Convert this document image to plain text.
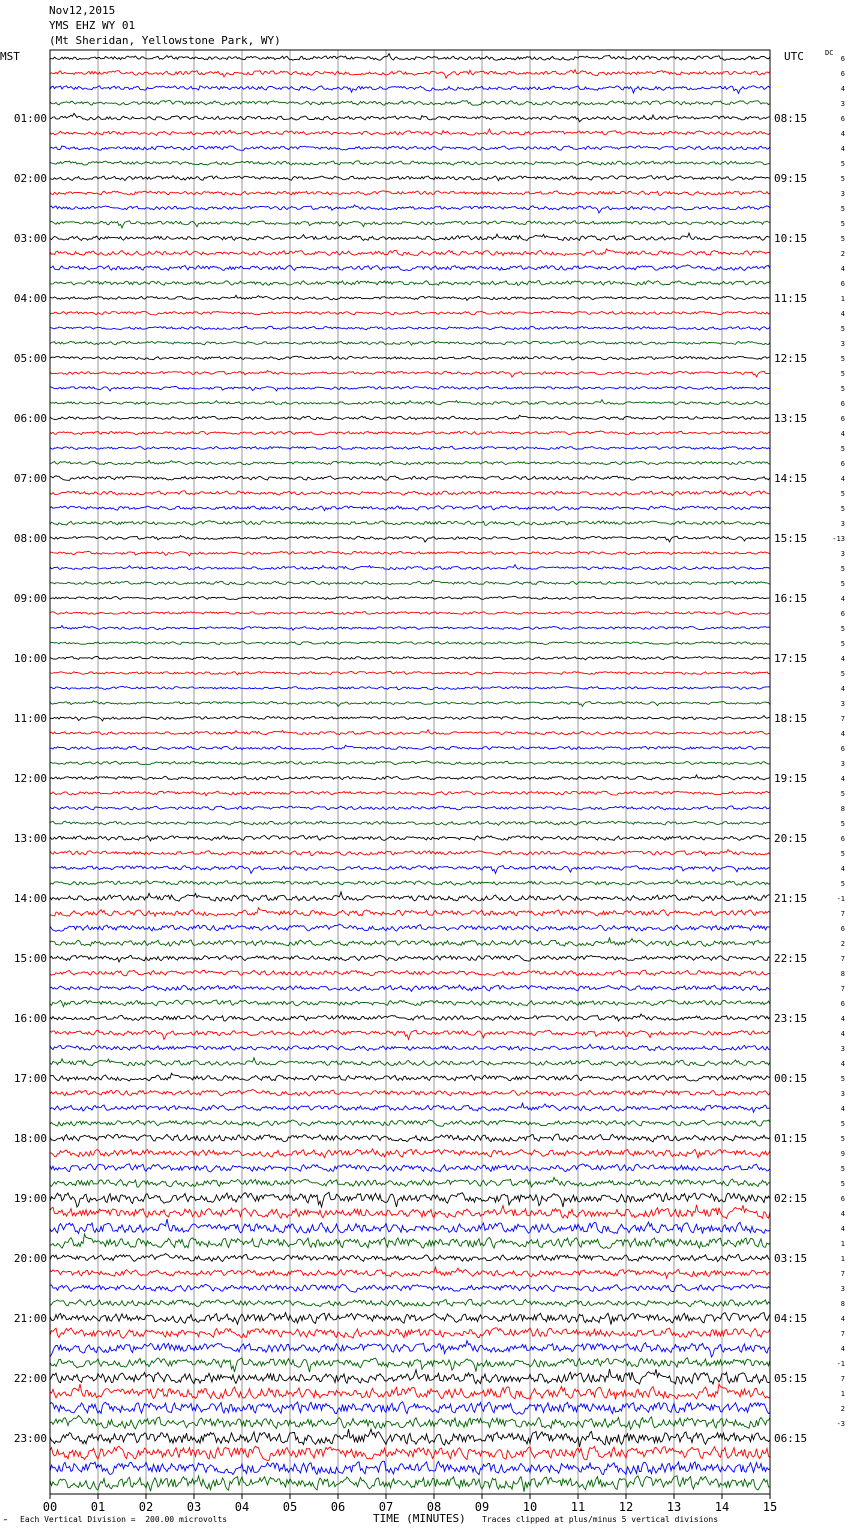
Nov12,2015
YMS EHZ WY 01
(Mt Sheridan, Yellowstone Park, WY)
MST	UTC	DC
00	01	02	03	04	05	06	07	08	09	10	11	12	13	14	15
01:00
02:00
03:00
04:00
05:00
06:00
07:00
08:00
09:00
10:00
11:00
12:00
13:00
14:00
15:00
16:00
17:00
18:00
19:00
20:00
21:00
22:00
23:00
08:15
09:15
10:15
11:15
12:15
13:15
14:15
15:15
16:15
17:15
18:15
19:15
20:15
21:15
22:15
23:15
00:15
01:15
02:15
03:15
04:15
05:15
06:15
6
6
4
3
6
4
4
5
5
3
5
5
5
2
4
6
1
4
5
3
5
5
5
6
6
4
5
6
4
5
5
3
-13
3
5
5
4
6
5
5
4
5
4
3
7
4
6
3
4
5
8
5
6
5
4
5
-1
7
6
2
7
8
7
6
4
4
3
4
5
3
4
5
5
9
5
5
6
4
4
1
1
7
3
8
4
7
4
-1
7
1
2
-3
‴ Each Vertical Division =  200.00 microvolts	TIME (MINUTES) Traces clipped at plus/minus 5 vertical divisions
